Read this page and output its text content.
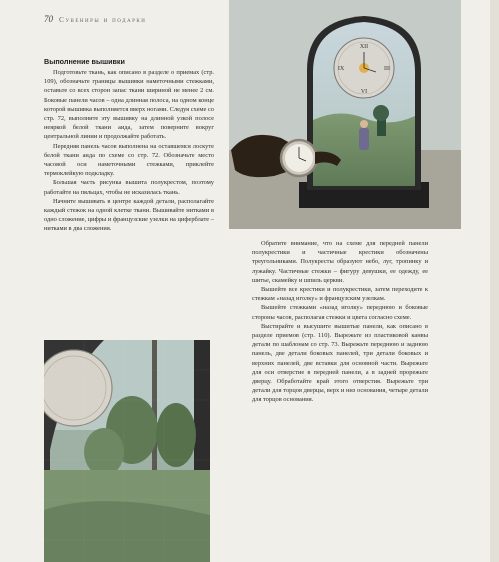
70 Сувениры и подарки
XII
III
VI
IX
Выполнение вышивки

Подготовьте ткань, как описано в разделе о приемах (стр. 109), обозначьте границы вышивки наметочными стежками, оставьте со всех сторон запас ткани шириной не менее 2 см. Боковые панели часов – одна длинная полоса, на одном конце которой вышивка выполняется вверх ногами. Следуя схеме со стр. 72, выполните эту вышивку на длинной узкой полосе неяркой белой ткани аида, затем поверните вокруг центральной линии и продолжайте работать.

Передняя панель часов выполнена на оставшемся лоскуте белой ткани аида по схеме со стр. 72. Обозначьте место часовой оси наметочными стежками, приклейте термоклейкую подкладку.

Большая часть рисунка вышита полукрестом, поэтому работайте на пяльцах, чтобы не исказилась ткань.

Начните вышивать в центре каждой детали, располагайте каждый стежок на одной клетке ткани. Вышивайте нитками в одно сложение, цифры и французские узелки на циферблате – нитками в два сложения.

Обратите внимание, что на схеме для передней панели полукрестики и частичные крестики обозначены треугольниками. Полукресты образуют небо, луг, тропинку и лужайку. Частичные стежки – фигуру девушки, ее одежду, ее шитье, скамейку и шпиль церкви.

Вышейте все крестики и полукрестики, затем переходите к стежкам «назад иголку» и французским узелкам.

Вышейте стежками «назад иголку» переднюю и боковые стороны часов, располагая стежки и цвета согласно схеме.

Выстирайте и высушите вышитые панели, как описано в разделе приемов (стр. 110). Вырежьте из пластиковой канвы детали по шаблонам со стр. 73. Вырежьте переднюю и заднюю панель, две детали боковых панелей, три детали боковых и верхних панелей, две вставки для основной части. Вырежьте для оси отверстие в передней панели, а в задней прорежьте дверцу. Обработайте край этого отверстия. Вырежьте три детали для торцов дверцы, верх и низ основания, четыре детали для торцов основания.
